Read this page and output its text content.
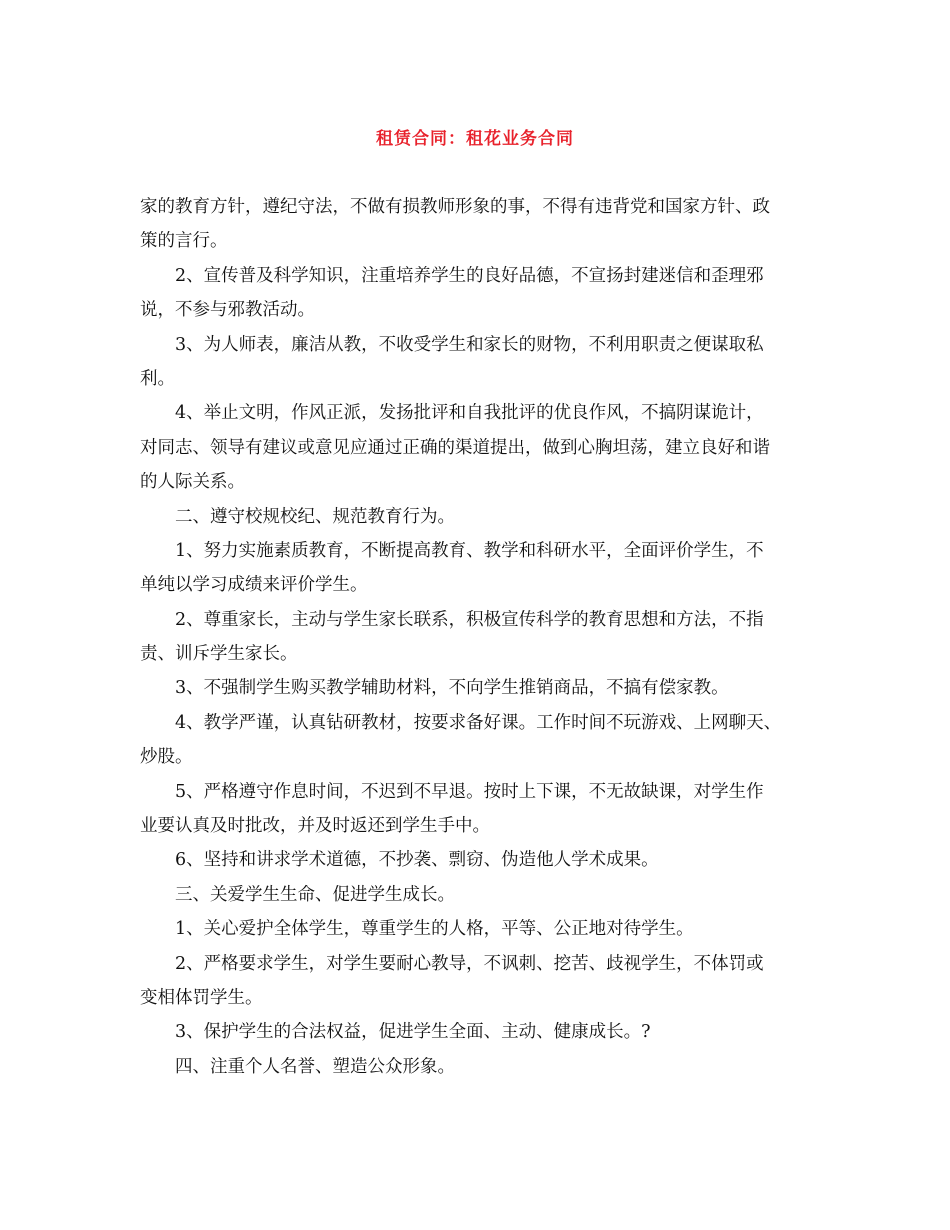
租赁合同：租花业务合同
家的教育方针，遵纪守法，不做有损教师形象的事，不得有违背党和国家方针、政
策的言行。
2、宣传普及科学知识，注重培养学生的良好品德，不宣扬封建迷信和歪理邪
说，不参与邪教活动。
3、为人师表，廉洁从教，不收受学生和家长的财物，不利用职责之便谋取私
利。
4、举止文明，作风正派，发扬批评和自我批评的优良作风，不搞阴谋诡计，
对同志、领导有建议或意见应通过正确的渠道提出，做到心胸坦荡，建立良好和谐
的人际关系。
二、遵守校规校纪、规范教育行为。
1、努力实施素质教育，不断提高教育、教学和科研水平，全面评价学生，不
单纯以学习成绩来评价学生。
2、尊重家长，主动与学生家长联系，积极宣传科学的教育思想和方法，不指
责、训斥学生家长。
3、不强制学生购买教学辅助材料，不向学生推销商品，不搞有偿家教。
4、教学严谨，认真钻研教材，按要求备好课。工作时间不玩游戏、上网聊天、
炒股。
5、严格遵守作息时间，不迟到不早退。按时上下课，不无故缺课，对学生作
业要认真及时批改，并及时返还到学生手中。
6、坚持和讲求学术道德，不抄袭、剽窃、伪造他人学术成果。
三、关爱学生生命、促进学生成长。
1、关心爱护全体学生，尊重学生的人格，平等、公正地对待学生。
2、严格要求学生，对学生要耐心教导，不讽刺、挖苦、歧视学生，不体罚或
变相体罚学生。
3、保护学生的合法权益，促进学生全面、主动、健康成长。?
四、注重个人名誉、塑造公众形象。
